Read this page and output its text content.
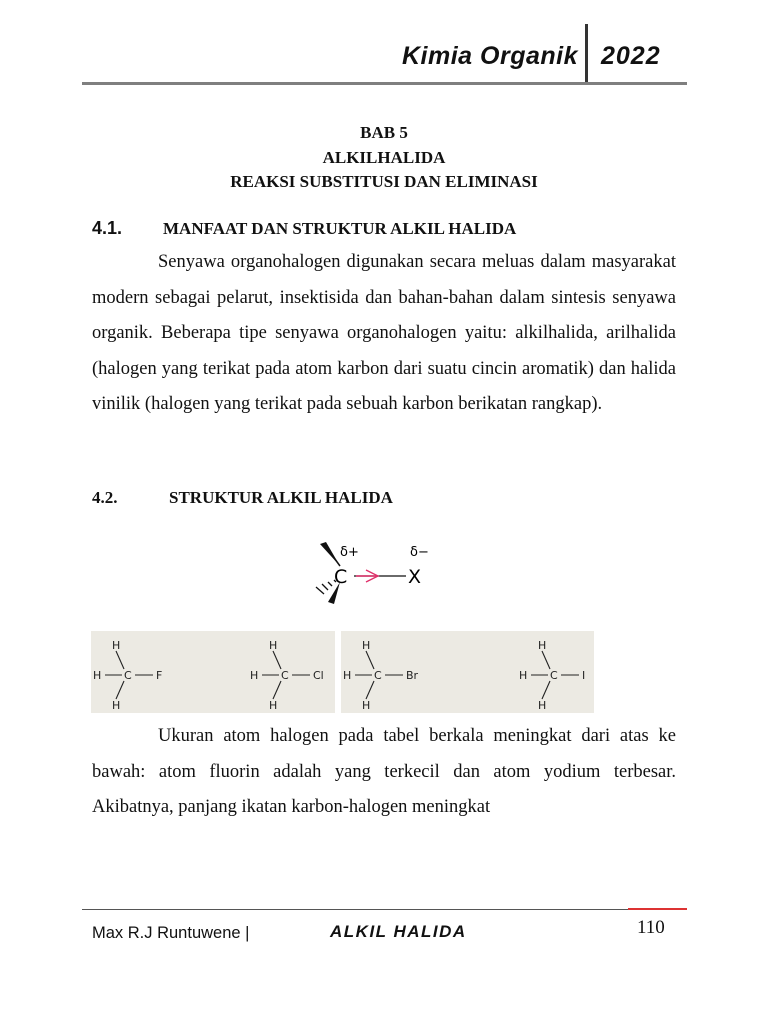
Kimia Organik 2022
BAB 5
ALKILHALIDA
REAKSI SUBSTITUSI DAN ELIMINASI
4.1. MANFAAT DAN STRUKTUR ALKIL HALIDA
Senyawa organohalogen digunakan secara meluas dalam masyarakat modern sebagai pelarut, insektisida dan bahan-bahan dalam sintesis senyawa organik. Beberapa tipe senyawa organohalogen yaitu: alkilhalida, arilhalida (halogen yang terikat pada atom karbon dari suatu cincin aromatik) dan halida vinilik (halogen yang terikat pada sebuah karbon berikatan rangkap).
4.2.	STRUKTUR ALKIL HALIDA
δ+	δ−
C	X
H
H
H
C F
H
H
H
C Cl
H
H
H
C Br
H
H
H
C I
Ukuran atom halogen pada tabel berkala meningkat dari atas ke bawah: atom fluorin adalah yang terkecil dan atom yodium terbesar. Akibatnya, panjang ikatan karbon-halogen meningkat
Max R.J Runtuwene |	ALKIL HALIDA	110
